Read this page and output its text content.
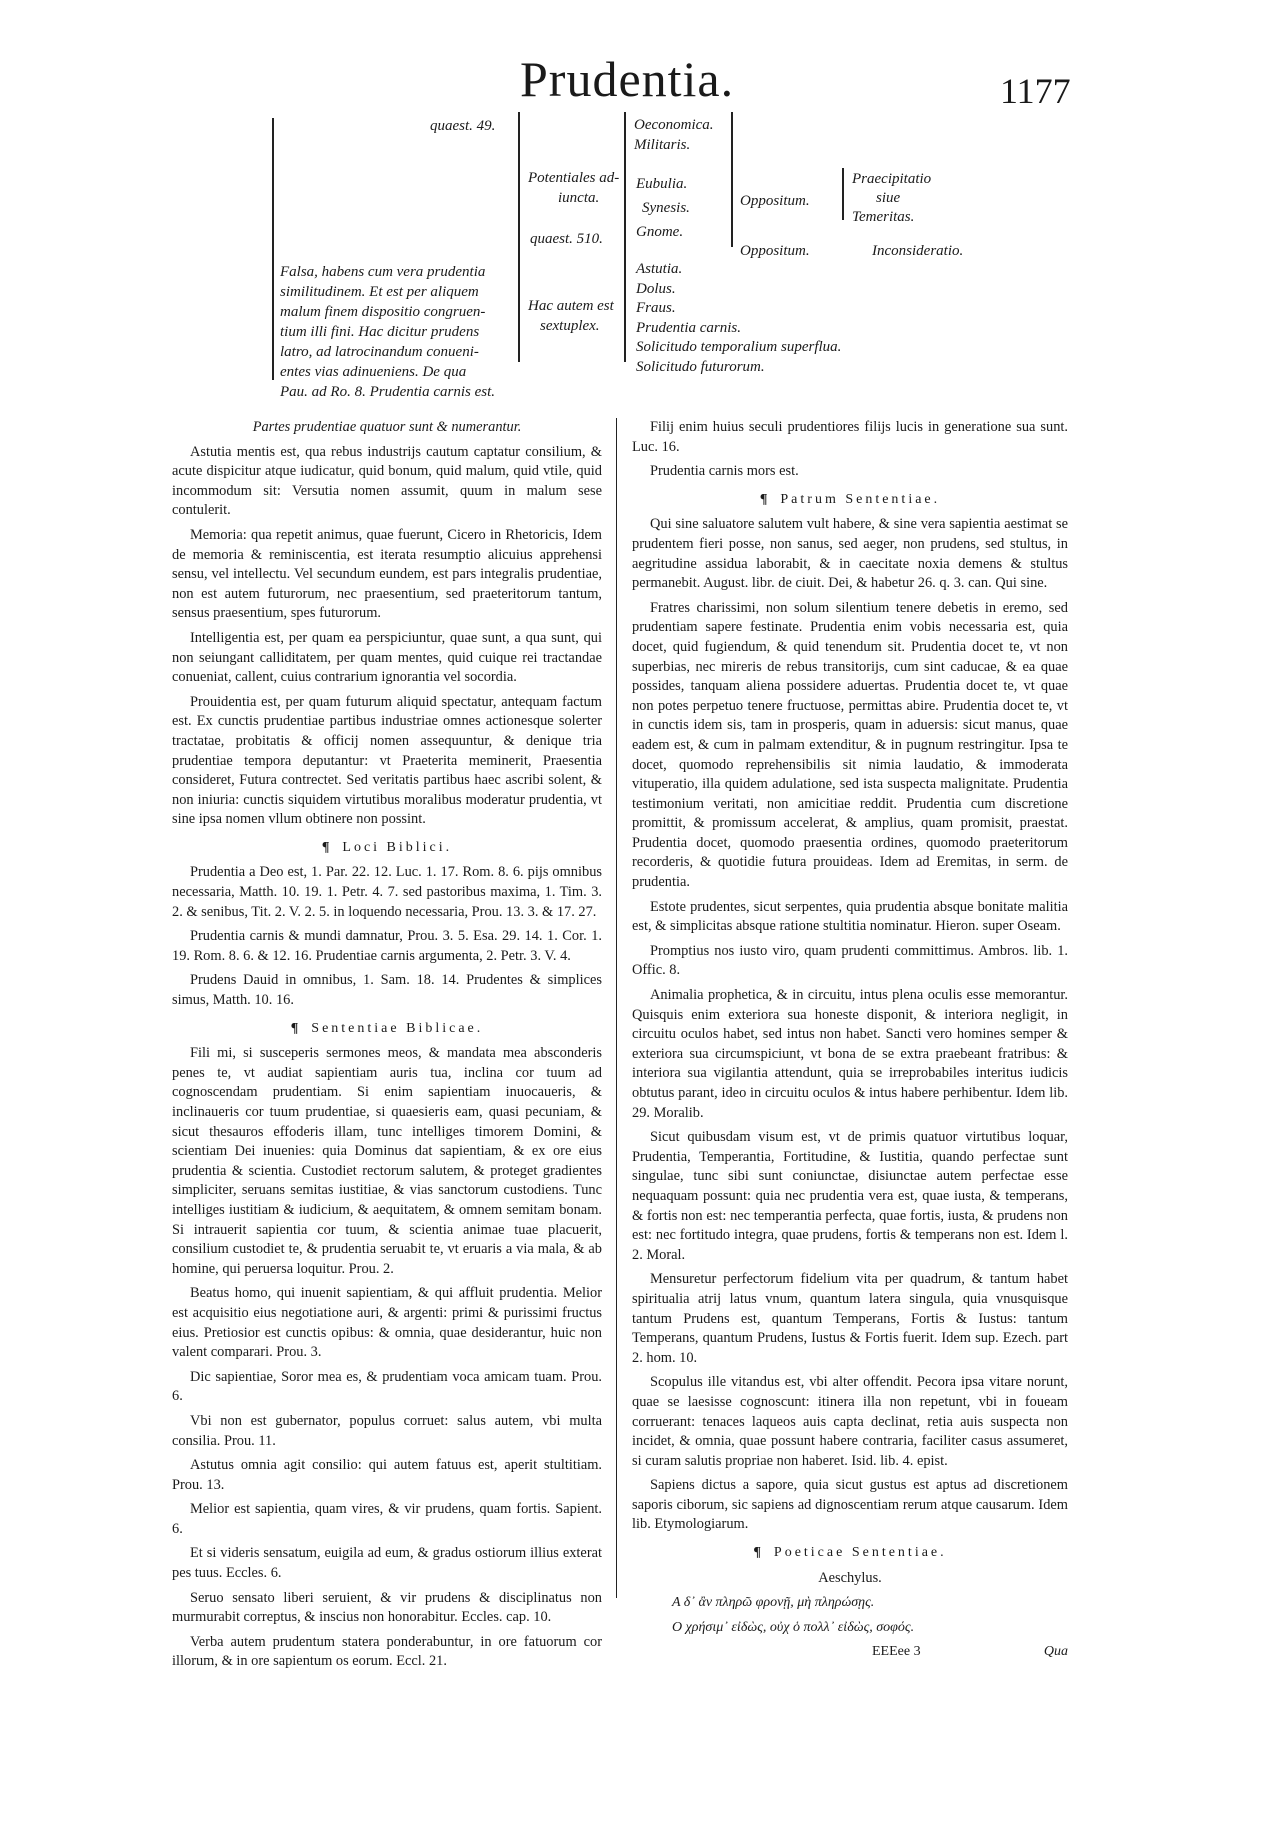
Prudentia.	1177
quaest. 49.
Falsa, habens cum vera prudentia
similitudinem. Et est per aliquem
malum finem dispositio congruen-
tium illi fini. Hac dicitur prudens
latro, ad latrocinandum conueni-
entes vias adinueniens. De qua
Pau. ad Ro. 8. Prudentia carnis est.
Potentiales ad-
iuncta.
quaest. 510.
Hac autem est
sextuplex.
Oeconomica.
Militaris.
Eubulia.
Synesis.
Gnome.
Oppositum.
Oppositum.
Praecipitatio
siue
Temeritas.
Inconsideratio.
Astutia.
Dolus.
Fraus.
Prudentia carnis.
Solicitudo temporalium superflua.
Solicitudo futurorum.

Partes prudentiae quatuor sunt & numerantur.

Astutia mentis est, qua rebus industrijs cautum captatur consilium, & acute dispicitur atque iudicatur, quid bonum, quid malum, quid vtile, quid incommodum sit: Versutia nomen assumit, quum in malum sese contulerit.

Memoria: qua repetit animus, quae fuerunt, Cicero in Rhetoricis, Idem de memoria & reminiscentia, est iterata resumptio alicuius apprehensi sensu, vel intellectu. Vel secundum eundem, est pars integralis prudentiae, non est autem futurorum, nec praesentium, sed praeteritorum tantum, sensus praesentium, spes futurorum.

Intelligentia est, per quam ea perspiciuntur, quae sunt, a qua sunt, qui non seiungant calliditatem, per quam mentes, quid cuique rei tractandae conueniat, callent, cuius contrarium ignorantia vel socordia.

Prouidentia est, per quam futurum aliquid spectatur, antequam factum est. Ex cunctis prudentiae partibus industriae omnes actionesque solerter tractatae, probitatis & officij nomen assequuntur, & denique tria prudentiae tempora deputantur: vt Praeterita meminerit, Praesentia consideret, Futura contrectet. Sed veritatis partibus haec ascribi solent, & non iniuria: cunctis siquidem virtutibus moralibus moderatur prudentia, vt sine ipsa nomen vllum obtinere non possint.

¶ Loci Biblici.

Prudentia a Deo est, 1. Par. 22. 12. Luc. 1. 17. Rom. 8. 6. pijs omnibus necessaria, Matth. 10. 19. 1. Petr. 4. 7. sed pastoribus maxima, 1. Tim. 3. 2. & senibus, Tit. 2. V. 2. 5. in loquendo necessaria, Prou. 13. 3. & 17. 27.

Prudentia carnis & mundi damnatur, Prou. 3. 5. Esa. 29. 14. 1. Cor. 1. 19. Rom. 8. 6. & 12. 16. Prudentiae carnis argumenta, 2. Petr. 3. V. 4.

Prudens Dauid in omnibus, 1. Sam. 18. 14. Prudentes & simplices simus, Matth. 10. 16.

¶ Sententiae Biblicae.

Fili mi, si susceperis sermones meos, & mandata mea absconderis penes te, vt audiat sapientiam auris tua, inclina cor tuum ad cognoscendam prudentiam. Si enim sapientiam inuocaueris, & inclinaueris cor tuum prudentiae, si quaesieris eam, quasi pecuniam, & sicut thesauros effoderis illam, tunc intelliges timorem Domini, & scientiam Dei inuenies: quia Dominus dat sapientiam, & ex ore eius prudentia & scientia. Custodiet rectorum salutem, & proteget gradientes simpliciter, seruans semitas iustitiae, & vias sanctorum custodiens. Tunc intelliges iustitiam & iudicium, & aequitatem, & omnem semitam bonam. Si intrauerit sapientia cor tuum, & scientia animae tuae placuerit, consilium custodiet te, & prudentia seruabit te, vt eruaris a via mala, & ab homine, qui peruersa loquitur. Prou. 2.

Beatus homo, qui inuenit sapientiam, & qui affluit prudentia. Melior est acquisitio eius negotiatione auri, & argenti: primi & purissimi fructus eius. Pretiosior est cunctis opibus: & omnia, quae desiderantur, huic non valent comparari. Prou. 3.

Dic sapientiae, Soror mea es, & prudentiam voca amicam tuam. Prou. 6.

Vbi non est gubernator, populus corruet: salus autem, vbi multa consilia. Prou. 11.

Astutus omnia agit consilio: qui autem fatuus est, aperit stultitiam. Prou. 13.

Melior est sapientia, quam vires, & vir prudens, quam fortis. Sapient. 6.

Et si videris sensatum, euigila ad eum, & gradus ostiorum illius exterat pes tuus. Eccles. 6.

Seruo sensato liberi seruient, & vir prudens & disciplinatus non murmurabit correptus, & inscius non honorabitur. Eccles. cap. 10.

Verba autem prudentum statera ponderabuntur, in ore fatuorum cor illorum, & in ore sapientum os eorum. Eccl. 21.

Filij enim huius seculi prudentiores filijs lucis in generatione sua sunt. Luc. 16.

Prudentia carnis mors est.

¶ Patrum Sententiae.

Qui sine saluatore salutem vult habere, & sine vera sapientia aestimat se prudentem fieri posse, non sanus, sed aeger, non prudens, sed stultus, in aegritudine assidua laborabit, & in caecitate noxia demens & stultus permanebit. August. libr. de ciuit. Dei, & habetur 26. q. 3. can. Qui sine.

Fratres charissimi, non solum silentium tenere debetis in eremo, sed prudentiam sapere festinate. Prudentia enim vobis necessaria est, quia docet, quid fugiendum, & quid tenendum sit. Prudentia docet te, vt non superbias, nec mireris de rebus transitorijs, cum sint caducae, & ea quae possides, tanquam aliena possidere aduertas. Prudentia docet te, vt quae non potes perpetuo tenere fructuose, permittas abire. Prudentia docet te, vt in cunctis idem sis, tam in prosperis, quam in aduersis: sicut manus, quae eadem est, & cum in palmam extenditur, & in pugnum restringitur. Ipsa te docet, quomodo reprehensibilis sit nimia laudatio, & immoderata vituperatio, illa quidem adulatione, sed ista suspecta malignitate. Prudentia testimonium veritati, non amicitiae reddit. Prudentia cum discretione promittit, & promissum accelerat, & amplius, quam promisit, praestat. Prudentia docet, quomodo praesentia ordines, quomodo praeteritorum recorderis, & quotidie futura prouideas. Idem ad Eremitas, in serm. de prudentia.

Estote prudentes, sicut serpentes, quia prudentia absque bonitate malitia est, & simplicitas absque ratione stultitia nominatur. Hieron. super Oseam.

Promptius nos iusto viro, quam prudenti committimus. Ambros. lib. 1. Offic. 8.

Animalia prophetica, & in circuitu, intus plena oculis esse memorantur. Quisquis enim exteriora sua honeste disponit, & interiora negligit, in circuitu oculos habet, sed intus non habet. Sancti vero homines semper & exteriora sua circumspiciunt, vt bona de se extra praebeant fratribus: & interiora sua vigilantia attendunt, quia se irreprobabiles interitus iudicis obtutus parant, ideo in circuitu oculos & intus habere perhibentur. Idem lib. 29. Moralib.

Sicut quibusdam visum est, vt de primis quatuor virtutibus loquar, Prudentia, Temperantia, Fortitudine, & Iustitia, quando perfectae sunt singulae, tunc sibi sunt coniunctae, disiunctae autem perfectae esse nequaquam possunt: quia nec prudentia vera est, quae iusta, & temperans, & fortis non est: nec temperantia perfecta, quae fortis, iusta, & prudens non est: nec fortitudo integra, quae prudens, fortis & temperans non est. Idem l. 2. Moral.

Mensuretur perfectorum fidelium vita per quadrum, & tantum habet spiritualia atrij latus vnum, quantum latera singula, quia vnusquisque tantum Prudens est, quantum Temperans, Fortis & Iustus: tantum Temperans, quantum Prudens, Iustus & Fortis fuerit. Idem sup. Ezech. part 2. hom. 10.

Scopulus ille vitandus est, vbi alter offendit. Pecora ipsa vitare norunt, quae se laesisse cognoscunt: itinera illa non repetunt, vbi in foueam corruerant: tenaces laqueos auis capta declinat, retia auis suspecta non incidet, & omnia, quae possunt habere contraria, faciliter casus assumeret, si curam salutis propriae non haberet. Isid. lib. 4. epist.

Sapiens dictus a sapore, quia sicut gustus est aptus ad discretionem saporis ciborum, sic sapiens ad dignoscentiam rerum atque causarum. Idem lib. Etymologiarum.

¶ Poeticae Sententiae.

Aeschylus.

Α δ᾽ ἂν πληρῶ φρονῇ, μὴ πληρώσῃς.

Ο χρήσιμ᾽ εἰδὼς, οὐχ ὁ πολλ᾽ εἰδὼς, σοφός.

EEEee 3	Qua
